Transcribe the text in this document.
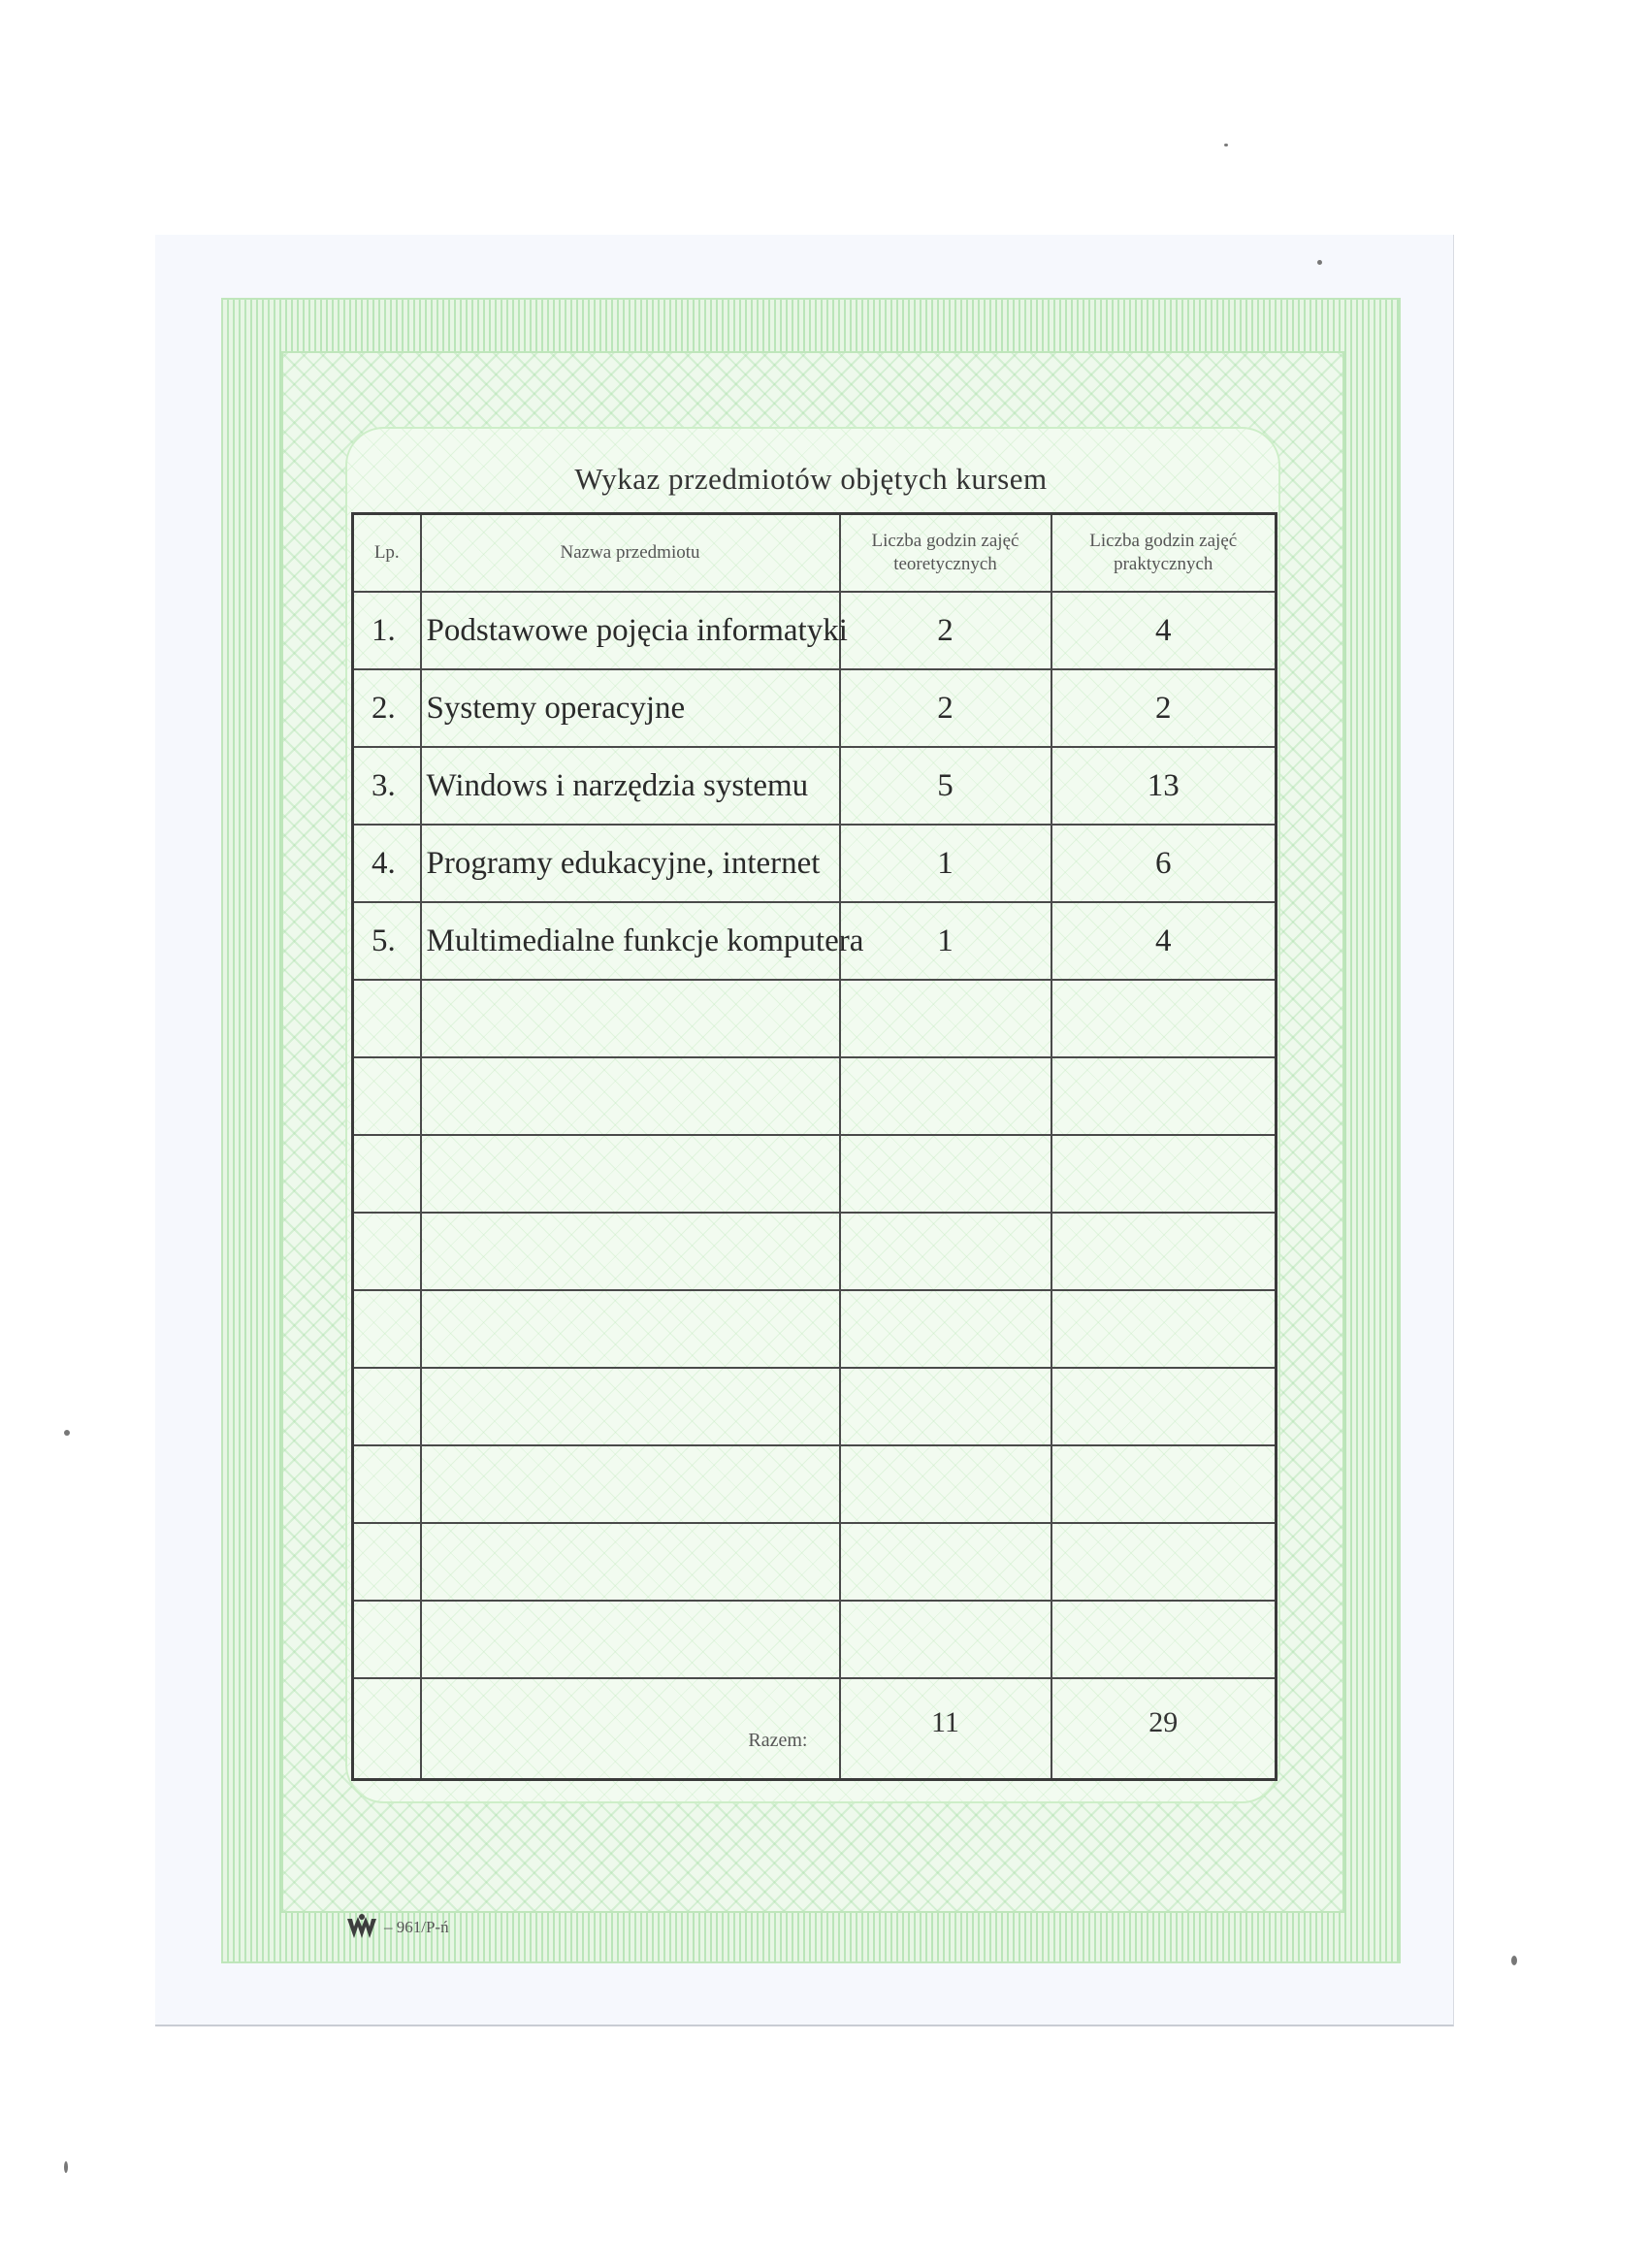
Wykaz przedmiotów objętych kursem
Lp.	Nazwa przedmiotu	Liczba godzin zajęć teoretycznych	Liczba godzin zajęć praktycznych
1.	Podstawowe pojęcia informatyki	2	4
2.	Systemy operacyjne	2	2
3.	Windows i narzędzia systemu	5	13
4.	Programy edukacyjne, internet	1	6
5.	Multimedialne funkcje komputera	1	4

	Razem:	11	29
– 961/P-ń
